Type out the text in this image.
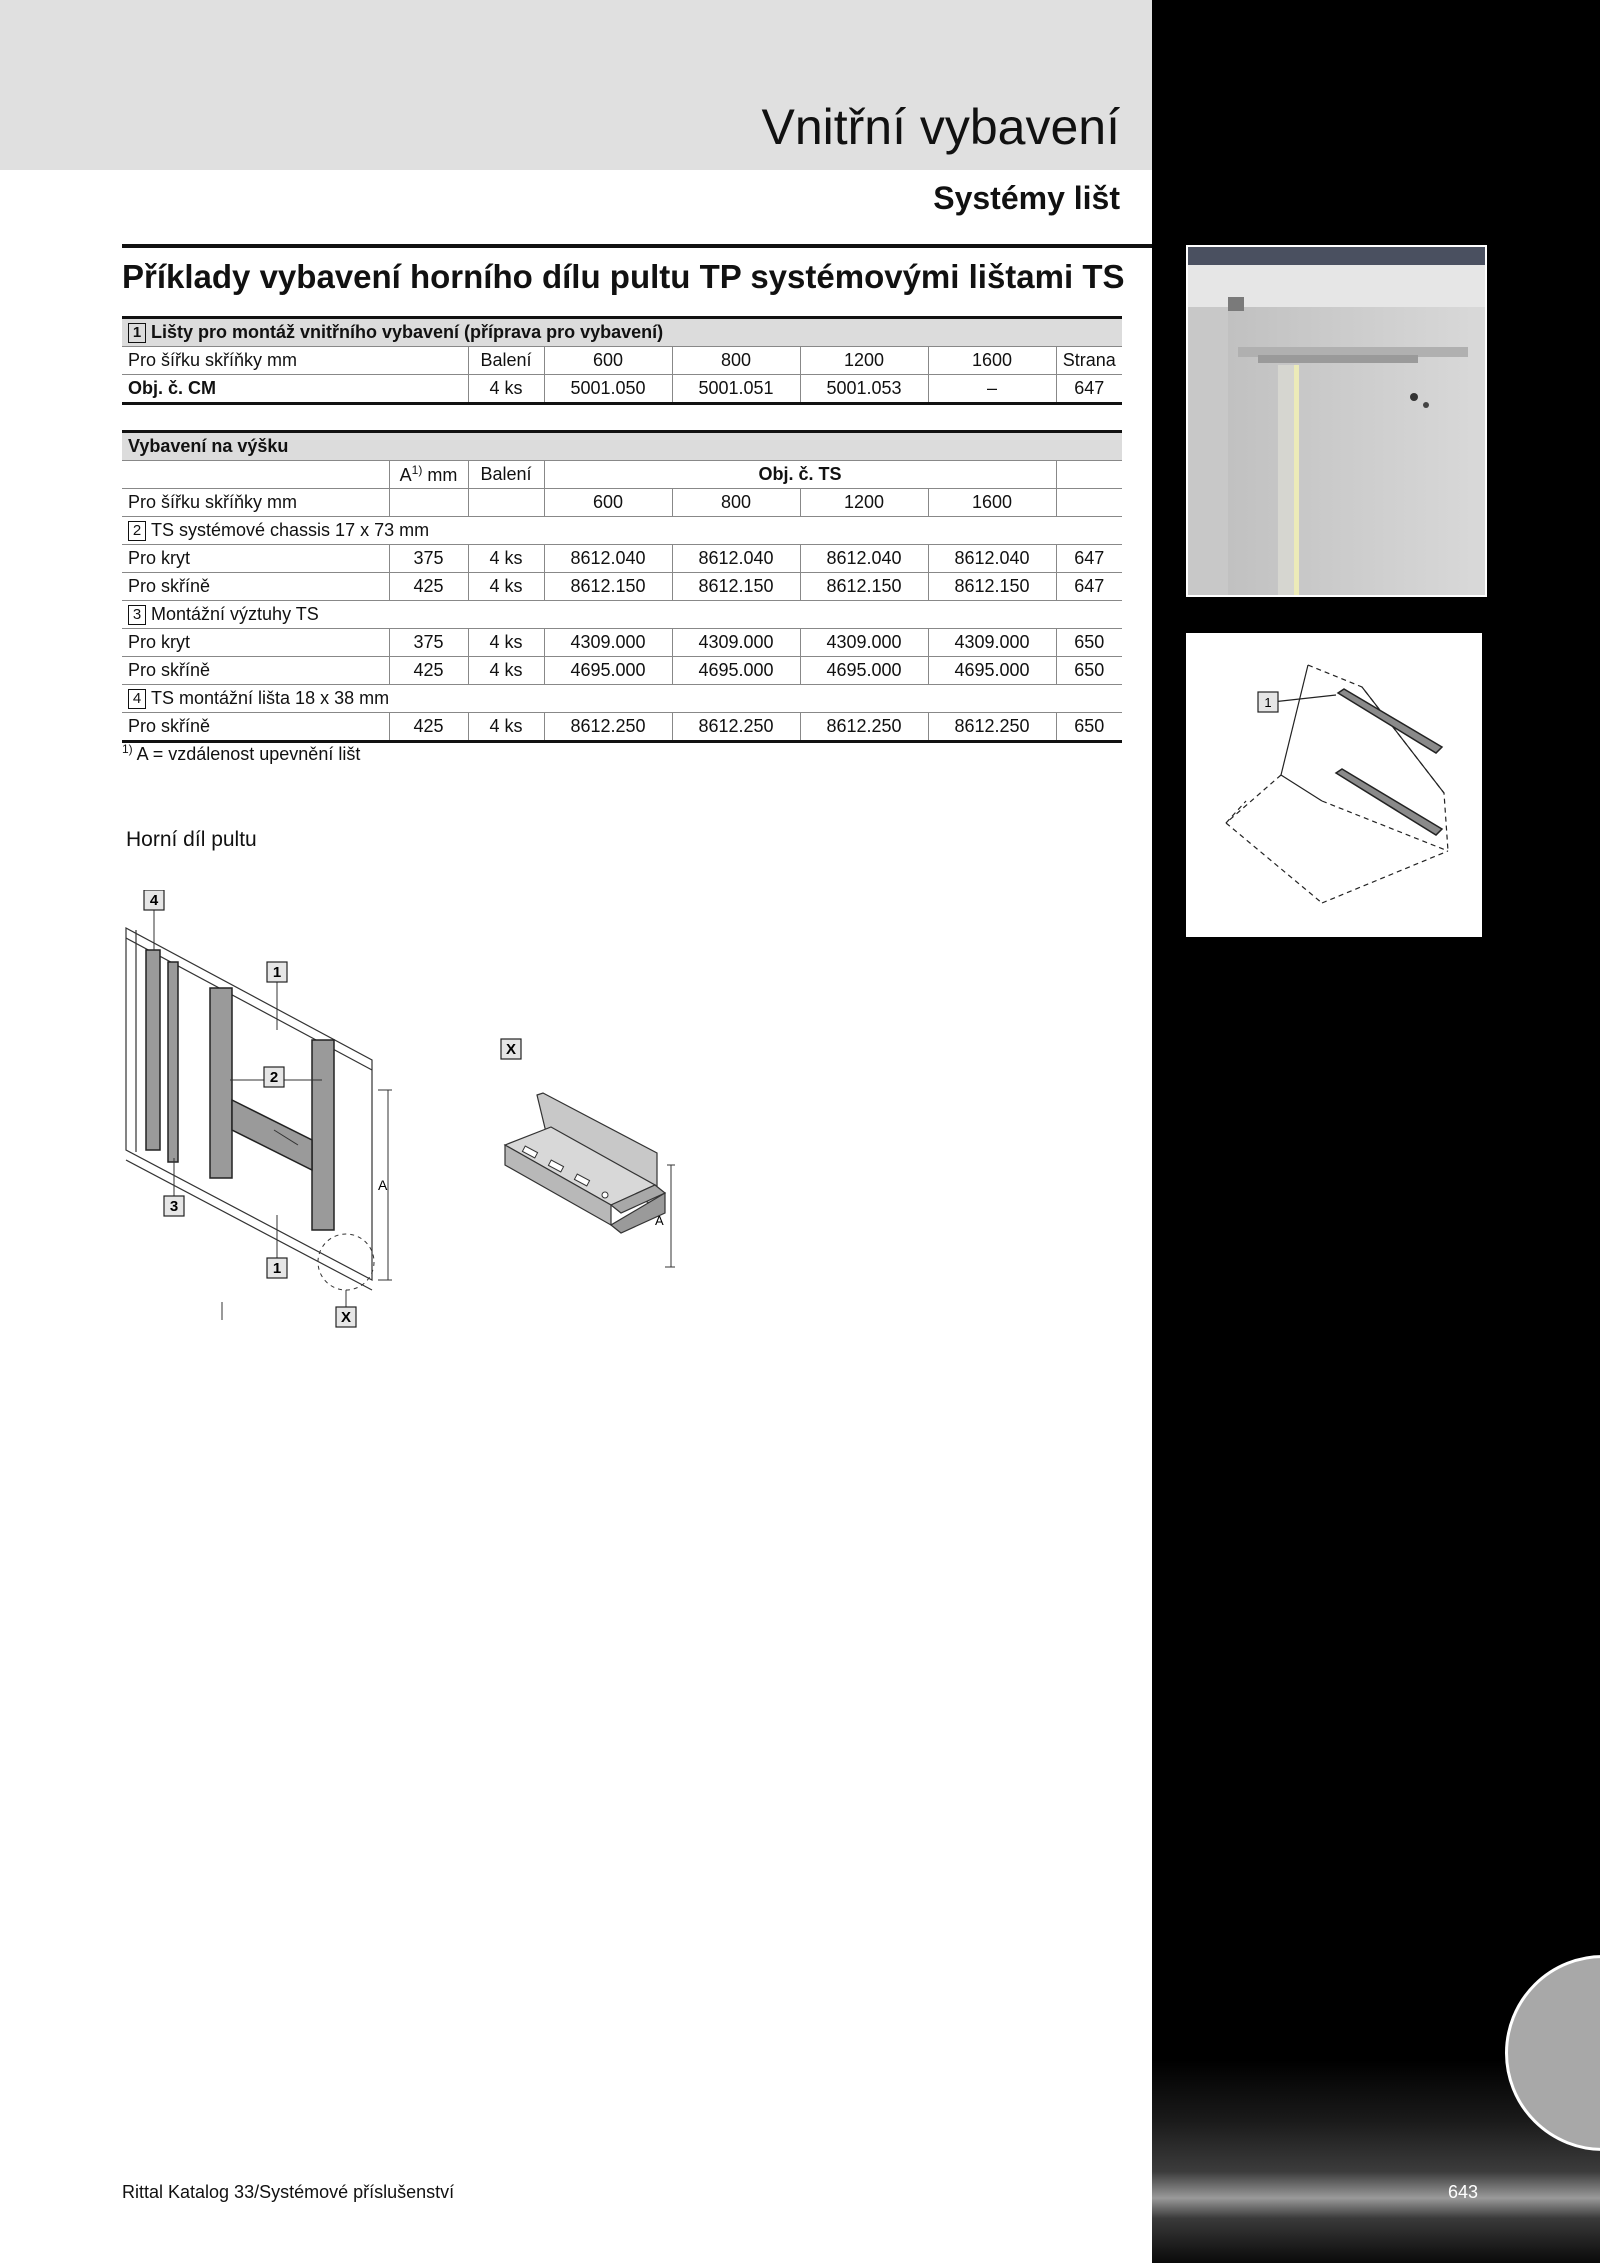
Vnitřní vybavení
Systémy lišt
Příklady vybavení horního dílu pultu TP systémovými lištami TS
1 Lišty pro montáž vnitřního vybavení (příprava pro vybavení)						
Pro šířku skříňky mm	Balení	600	800	1200	1600	Strana
Obj. č. CM	4 ks	5001.050	5001.051	5001.053	–	647
Vybavení na výšku							
	$A^{1)}$ mm	Balení	Obj. č. TS				
Pro šířku skříňky mm			600	800	1200	1600	
2 TS systémové chassis 17 x 73 mm							
Pro kryt	375	4 ks	8612.040	8612.040	8612.040	8612.040	647
Pro skříně	425	4 ks	8612.150	8612.150	8612.150	8612.150	647
3 Montážní výztuhy TS							
Pro kryt	375	4 ks	4309.000	4309.000	4309.000	4309.000	650
Pro skříně	425	4 ks	4695.000	4695.000	4695.000	4695.000	650
4 TS montážní lišta 18 x 38 mm							
Pro skříně	425	4 ks	8612.250	8612.250	8612.250	8612.250	650

$^{1)}$ A = vzdálenost upevnění lišt

Horní díl pultu

1
A
4
1
2
3
1
X
X
A

Rittal Katalog 33/Systémové příslušenství	643
